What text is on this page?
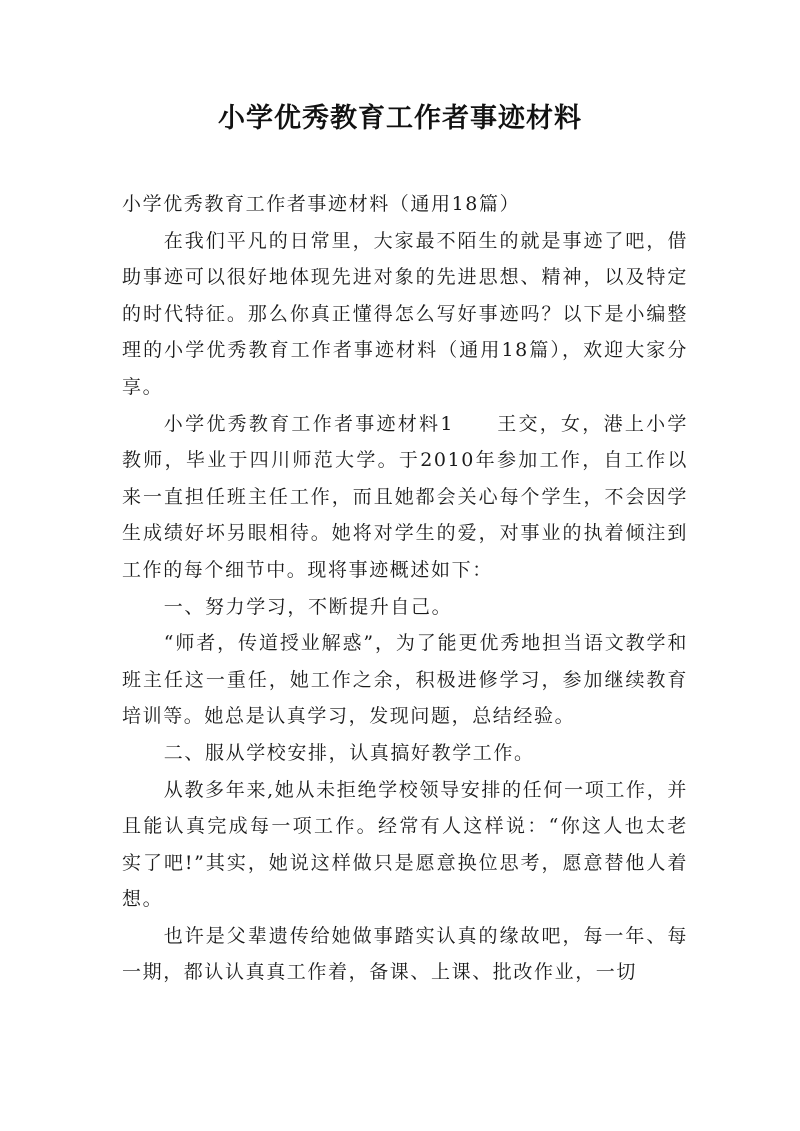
小学优秀教育工作者事迹材料

小学优秀教育工作者事迹材料（通用18篇）

在我们平凡的日常里，大家最不陌生的就是事迹了吧，借助事迹可以很好地体现先进对象的先进思想、精神，以及特定的时代特征。那么你真正懂得怎么写好事迹吗？以下是小编整理的小学优秀教育工作者事迹材料（通用18篇），欢迎大家分享。

小学优秀教育工作者事迹材料1　　王交，女，港上小学教师，毕业于四川师范大学。于2010年参加工作，自工作以来一直担任班主任工作，而且她都会关心每个学生，不会因学生成绩好坏另眼相待。她将对学生的爱，对事业的执着倾注到工作的每个细节中。现将事迹概述如下：

一、努力学习，不断提升自己。

“师者，传道授业解惑”，为了能更优秀地担当语文教学和班主任这一重任，她工作之余，积极进修学习，参加继续教育培训等。她总是认真学习，发现问题，总结经验。

二、服从学校安排，认真搞好教学工作。

从教多年来,她从未拒绝学校领导安排的任何一项工作，并且能认真完成每一项工作。经常有人这样说：“你这人也太老实了吧!”其实，她说这样做只是愿意换位思考，愿意替他人着想。

也许是父辈遗传给她做事踏实认真的缘故吧，每一年、每一期，都认认真真工作着，备课、上课、批改作业，一切
